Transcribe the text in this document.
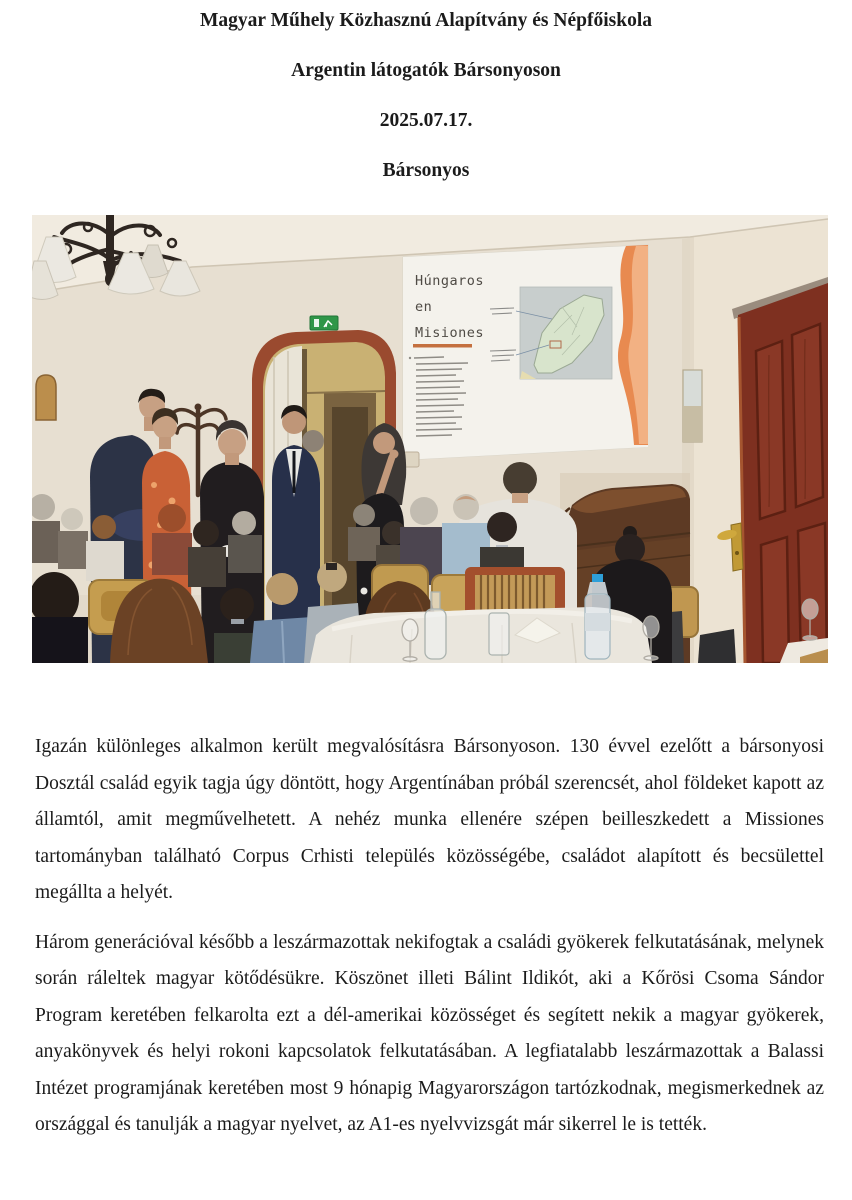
Magyar Műhely Közhasznú Alapítvány és Népfőiskola
Argentin látogatók Bársonyoson
2025.07.17.
Bársonyos
Húngaros
en
Misiones

Igazán különleges alkalmon került megvalósításra Bársonyoson. 130 évvel ezelőtt a bársonyosi Dosztál család egyik tagja úgy döntött, hogy Argentínában próbál szerencsét, ahol földeket kapott az államtól, amit megművelhetett. A nehéz munka ellenére szépen beilleszkedett a Missiones tartományban található Corpus Crhisti település közösségébe, családot alapított és becsülettel megállta a helyét.

Három generációval később a leszármazottak nekifogtak a családi gyökerek felkutatásának, melynek során ráleltek magyar kötődésükre. Köszönet illeti Bálint Ildikót, aki a Kőrösi Csoma Sándor Program keretében felkarolta ezt a dél-amerikai közösséget és segített nekik a magyar gyökerek, anyakönyvek és helyi rokoni kapcsolatok felkutatásában. A legfiatalabb leszármazottak a Balassi Intézet programjának keretében most 9 hónapig Magyarországon tartózkodnak, megismerkednek az országgal és tanulják a magyar nyelvet, az A1-es nyelvvizsgát már sikerrel le is tették.
